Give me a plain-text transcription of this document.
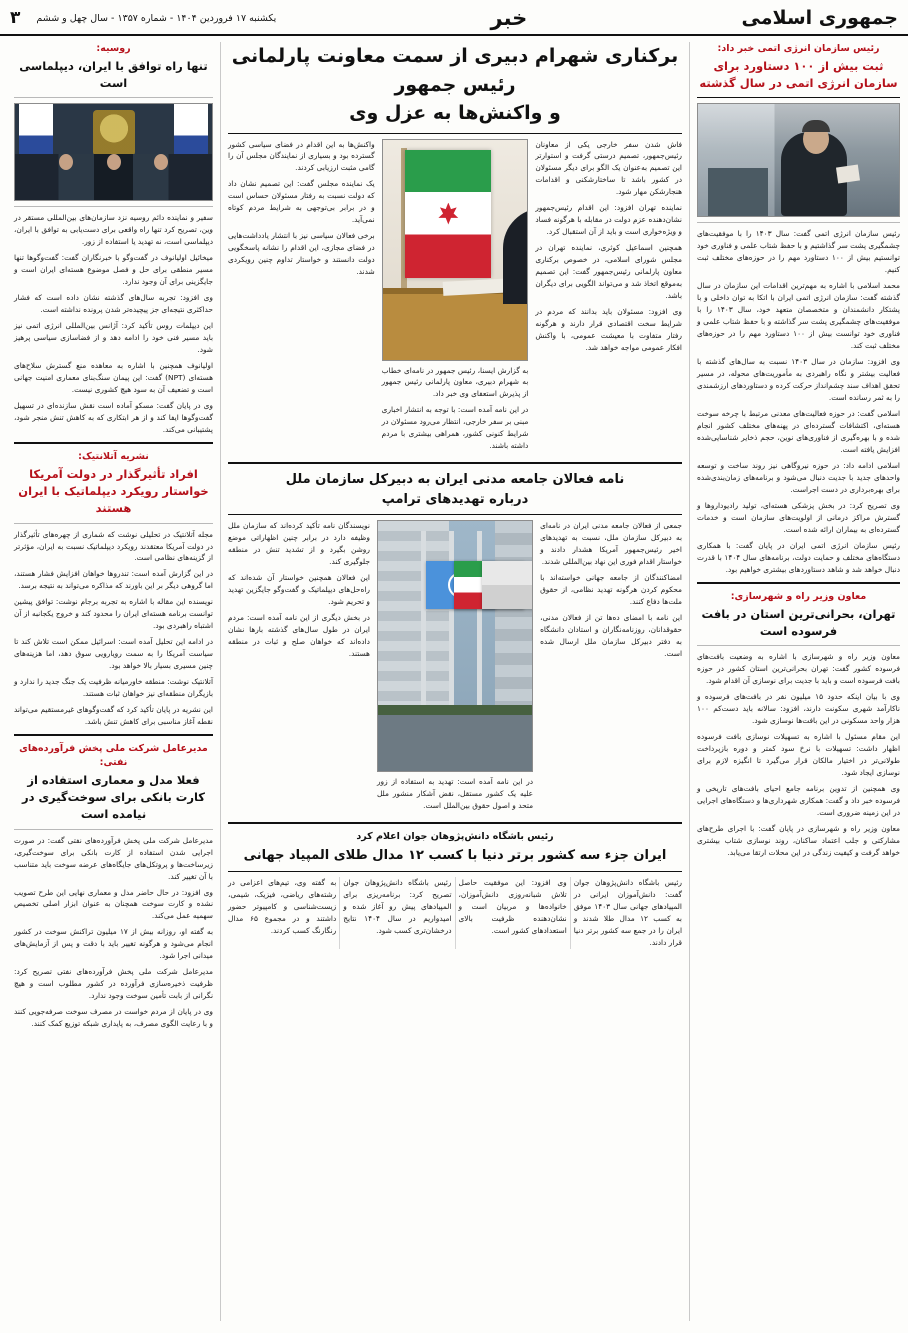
جمهوری اسلامی
خبر
یکشنبه ۱۷ فروردین ۱۴۰۴ - شماره ۱۳۵۷ - سال چهل و ششم
۳
رئیس سازمان انرژی اتمی خبر داد:
ثبت بیش از ۱۰۰ دستاورد برای سازمان انرژی اتمی در سال گذشته

رئیس سازمان انرژی اتمی گفت: سال ۱۴۰۳ را با موفقیت‌های چشمگیری پشت سر گذاشتیم و با حفظ شتاب علمی و فناوری خود توانستیم بیش از ۱۰۰ دستاورد مهم را در حوزه‌های مختلف ثبت کنیم.

محمد اسلامی با اشاره به مهم‌ترین اقدامات این سازمان در سال گذشته گفت: سازمان انرژی اتمی ایران با اتکا به توان داخلی و با پشتکار دانشمندان و متخصصان متعهد خود، سال ۱۴۰۳ را با موفقیت‌های چشمگیری پشت سر گذاشته و با حفظ شتاب علمی و فناوری خود توانست بیش از ۱۰۰ دستاورد مهم را در حوزه‌های مختلف ثبت کند.

وی افزود: سازمان در سال ۱۴۰۳ نسبت به سال‌های گذشته با فعالیت بیشتر و نگاه راهبردی به مأموریت‌های محوله، در مسیر تحقق اهداف سند چشم‌انداز حرکت کرده و دستاوردهای ارزشمندی را به ثمر رسانده است.

اسلامی گفت: در حوزه فعالیت‌های معدنی مرتبط با چرخه سوخت هسته‌ای، اکتشافات گسترده‌ای در پهنه‌های مختلف کشور انجام شده و با بهره‌گیری از فناوری‌های نوین، حجم ذخایر شناسایی‌شده افزایش یافته است.

اسلامی ادامه داد: در حوزه نیروگاهی نیز روند ساخت و توسعه واحدهای جدید با جدیت دنبال می‌شود و برنامه‌های زمان‌بندی‌شده برای بهره‌برداری در دست اجراست.

وی تصریح کرد: در بخش پزشکی هسته‌ای، تولید رادیوداروها و گسترش مراکز درمانی از اولویت‌های سازمان است و خدمات گسترده‌ای به بیماران ارائه شده است.

رئیس سازمان انرژی اتمی ایران در پایان گفت: با همکاری دستگاه‌های مختلف و حمایت دولت، برنامه‌های سال ۱۴۰۴ با قدرت دنبال خواهد شد و شاهد دستاوردهای بیشتری خواهیم بود.

معاون وزیر راه و شهرسازی:
تهران، بحرانی‌ترین استان در بافت فرسوده است

معاون وزیر راه و شهرسازی با اشاره به وضعیت بافت‌های فرسوده کشور گفت: تهران بحرانی‌ترین استان کشور در حوزه بافت فرسوده است و باید با جدیت برای نوسازی آن اقدام شود.

وی با بیان اینکه حدود ۱۵ میلیون نفر در بافت‌های فرسوده و ناکارآمد شهری سکونت دارند، افزود: سالانه باید دست‌کم ۱۰۰ هزار واحد مسکونی در این بافت‌ها نوسازی شود.

این مقام مسئول با اشاره به تسهیلات نوسازی بافت فرسوده اظهار داشت: تسهیلات با نرخ سود کمتر و دوره بازپرداخت طولانی‌تر در اختیار مالکان قرار می‌گیرد تا انگیزه لازم برای نوسازی ایجاد شود.

وی همچنین از تدوین برنامه جامع احیای بافت‌های تاریخی و فرسوده خبر داد و گفت: همکاری شهرداری‌ها و دستگاه‌های اجرایی در این زمینه ضروری است.

معاون وزیر راه و شهرسازی در پایان گفت: با اجرای طرح‌های مشارکتی و جلب اعتماد ساکنان، روند نوسازی شتاب بیشتری خواهد گرفت و کیفیت زندگی در این محلات ارتقا می‌یابد.

برکناری شهرام دبیری از سمت معاونت پارلمانی رئیس جمهور
و واکنش‌ها به عزل وی

فاش شدن سفر خارجی یکی از معاونان رئیس‌جمهور، تصمیم درستی گرفت و استوارتر این تصمیم به‌عنوان یک الگو برای دیگر مسئولان در کشور باشد تا ساختارشکنی و اقدامات هنجارشکن مهار شود.

نماینده تهران افزود: این اقدام رئیس‌جمهور نشان‌دهنده عزم دولت در مقابله با هرگونه فساد و ویژه‌خواری است و باید از آن استقبال کرد.

همچنین اسماعیل کوثری، نماینده تهران در مجلس شورای اسلامی، در خصوص برکناری معاون پارلمانی رئیس‌جمهور گفت: این تصمیم به‌موقع اتخاذ شد و می‌تواند الگویی برای دیگران باشد.

وی افزود: مسئولان باید بدانند که مردم در شرایط سخت اقتصادی قرار دارند و هرگونه رفتار متفاوت با معیشت عمومی، با واکنش افکار عمومی مواجه خواهد شد.

به گزارش ایسنا، رئیس جمهور در نامه‌ای خطاب به شهرام دبیری، معاون پارلمانی رئیس جمهور از پذیرش استعفای وی خبر داد.

در این نامه آمده است: با توجه به انتشار اخباری مبنی بر سفر خارجی، انتظار می‌رود مسئولان در شرایط کنونی کشور، همراهی بیشتری با مردم داشته باشند.

واکنش‌ها به این اقدام در فضای سیاسی کشور گسترده بود و بسیاری از نمایندگان مجلس آن را گامی مثبت ارزیابی کردند.

یک نماینده مجلس گفت: این تصمیم نشان داد که دولت نسبت به رفتار مسئولان حساس است و در برابر بی‌توجهی به شرایط مردم کوتاه نمی‌آید.

برخی فعالان سیاسی نیز با انتشار یادداشت‌هایی در فضای مجازی، این اقدام را نشانه پاسخگویی دولت دانستند و خواستار تداوم چنین رویکردی شدند.

نامه فعالان جامعه مدنی ایران به دبیرکل سازمان ملل
درباره تهدیدهای ترامپ

جمعی از فعالان جامعه مدنی ایران در نامه‌ای به دبیرکل سازمان ملل، نسبت به تهدیدهای اخیر رئیس‌جمهور آمریکا هشدار دادند و خواستار اقدام فوری این نهاد بین‌المللی شدند.

امضاکنندگان از جامعه جهانی خواسته‌اند با محکوم کردن هرگونه تهدید نظامی، از حقوق ملت‌ها دفاع کنند.

این نامه با امضای ده‌ها تن از فعالان مدنی، حقوقدانان، روزنامه‌نگاران و استادان دانشگاه به دفتر دبیرکل سازمان ملل ارسال شده است.

در این نامه آمده است: تهدید به استفاده از زور علیه یک کشور مستقل، نقض آشکار منشور ملل متحد و اصول حقوق بین‌الملل است.

نویسندگان نامه تأکید کرده‌اند که سازمان ملل وظیفه دارد در برابر چنین اظهاراتی موضع روشن بگیرد و از تشدید تنش در منطقه جلوگیری کند.

این فعالان همچنین خواستار آن شده‌اند که راه‌حل‌های دیپلماتیک و گفت‌وگو جایگزین تهدید و تحریم شود.

در بخش دیگری از این نامه آمده است: مردم ایران در طول سال‌های گذشته بارها نشان داده‌اند که خواهان صلح و ثبات در منطقه هستند.

رئیس باشگاه دانش‌پژوهان جوان اعلام کرد
ایران جزء سه کشور برتر دنیا با کسب ۱۲ مدال طلای المپیاد جهانی

رئیس باشگاه دانش‌پژوهان جوان گفت: دانش‌آموزان ایرانی در المپیادهای جهانی سال ۱۴۰۳ موفق به کسب ۱۲ مدال طلا شدند و ایران را در جمع سه کشور برتر دنیا قرار دادند.

وی افزود: این موفقیت حاصل تلاش شبانه‌روزی دانش‌آموزان، خانواده‌ها و مربیان است و نشان‌دهنده ظرفیت بالای استعدادهای کشور است.

رئیس باشگاه دانش‌پژوهان جوان تصریح کرد: برنامه‌ریزی برای المپیادهای پیش رو آغاز شده و امیدواریم در سال ۱۴۰۴ نتایج درخشان‌تری کسب شود.

به گفته وی، تیم‌های اعزامی در رشته‌های ریاضی، فیزیک، شیمی، زیست‌شناسی و کامپیوتر حضور داشتند و در مجموع ۶۵ مدال رنگارنگ کسب کردند.

روسیه:
تنها راه توافق با ایران، دیپلماسی است

سفیر و نماینده دائم روسیه نزد سازمان‌های بین‌المللی مستقر در وین، تصریح کرد تنها راه واقعی برای دست‌یابی به توافق با ایران، دیپلماسی است، نه تهدید یا استفاده از زور.

میخائیل اولیانوف در گفت‌وگو با خبرنگاران گفت: گفت‌وگوها تنها مسیر منطقی برای حل و فصل موضوع هسته‌ای ایران است و جایگزینی برای آن وجود ندارد.

وی افزود: تجربه سال‌های گذشته نشان داده است که فشار حداکثری نتیجه‌ای جز پیچیده‌تر شدن پرونده نداشته است.

این دیپلمات روس تأکید کرد: آژانس بین‌المللی انرژی اتمی نیز باید مسیر فنی خود را ادامه دهد و از فضاسازی سیاسی پرهیز شود.

اولیانوف همچنین با اشاره به معاهده منع گسترش سلاح‌های هسته‌ای (NPT) گفت: این پیمان سنگ‌بنای معماری امنیت جهانی است و تضعیف آن به سود هیچ کشوری نیست.

وی در پایان گفت: مسکو آماده است نقش سازنده‌ای در تسهیل گفت‌وگوها ایفا کند و از هر ابتکاری که به کاهش تنش منجر شود، پشتیبانی می‌کند.

نشریه آتلانتیک:
افراد تأثیرگذار در دولت آمریکا خواستار رویکرد دیپلماتیک با ایران هستند

مجله آتلانتیک در تحلیلی نوشت که شماری از چهره‌های تأثیرگذار در دولت آمریکا معتقدند رویکرد دیپلماتیک نسبت به ایران، مؤثرتر از گزینه‌های نظامی است.

در این گزارش آمده است: تندروها خواهان افزایش فشار هستند، اما گروهی دیگر بر این باورند که مذاکره می‌تواند به نتیجه برسد.

نویسنده این مقاله با اشاره به تجربه برجام نوشت: توافق پیشین توانست برنامه هسته‌ای ایران را محدود کند و خروج یکجانبه از آن اشتباه راهبردی بود.

در ادامه این تحلیل آمده است: اسرائیل ممکن است تلاش کند تا سیاست آمریکا را به سمت رویارویی سوق دهد، اما هزینه‌های چنین مسیری بسیار بالا خواهد بود.

آتلانتیک نوشت: منطقه خاورمیانه ظرفیت یک جنگ جدید را ندارد و بازیگران منطقه‌ای نیز خواهان ثبات هستند.

این نشریه در پایان تأکید کرد که گفت‌وگوهای غیرمستقیم می‌تواند نقطه آغاز مناسبی برای کاهش تنش باشد.

مدیرعامل شرکت ملی پخش فرآورده‌های نفتی:
فعلا مدل و معماری استفاده از کارت بانکی برای سوخت‌گیری در نیامده است

مدیرعامل شرکت ملی پخش فرآورده‌های نفتی گفت: در صورت اجرایی شدن استفاده از کارت بانکی برای سوخت‌گیری، زیرساخت‌ها و پروتکل‌های جایگاه‌های عرضه سوخت باید متناسب با آن تغییر کند.

وی افزود: در حال حاضر مدل و معماری نهایی این طرح تصویب نشده و کارت سوخت همچنان به عنوان ابزار اصلی تخصیص سهمیه عمل می‌کند.

به گفته او، روزانه بیش از ۱۷ میلیون تراکنش سوخت در کشور انجام می‌شود و هرگونه تغییر باید با دقت و پس از آزمایش‌های میدانی اجرا شود.

مدیرعامل شرکت ملی پخش فرآورده‌های نفتی تصریح کرد: ظرفیت ذخیره‌سازی فرآورده در کشور مطلوب است و هیچ نگرانی از بابت تأمین سوخت وجود ندارد.

وی در پایان از مردم خواست در مصرف سوخت صرفه‌جویی کنند و با رعایت الگوی مصرف، به پایداری شبکه توزیع کمک کنند.
